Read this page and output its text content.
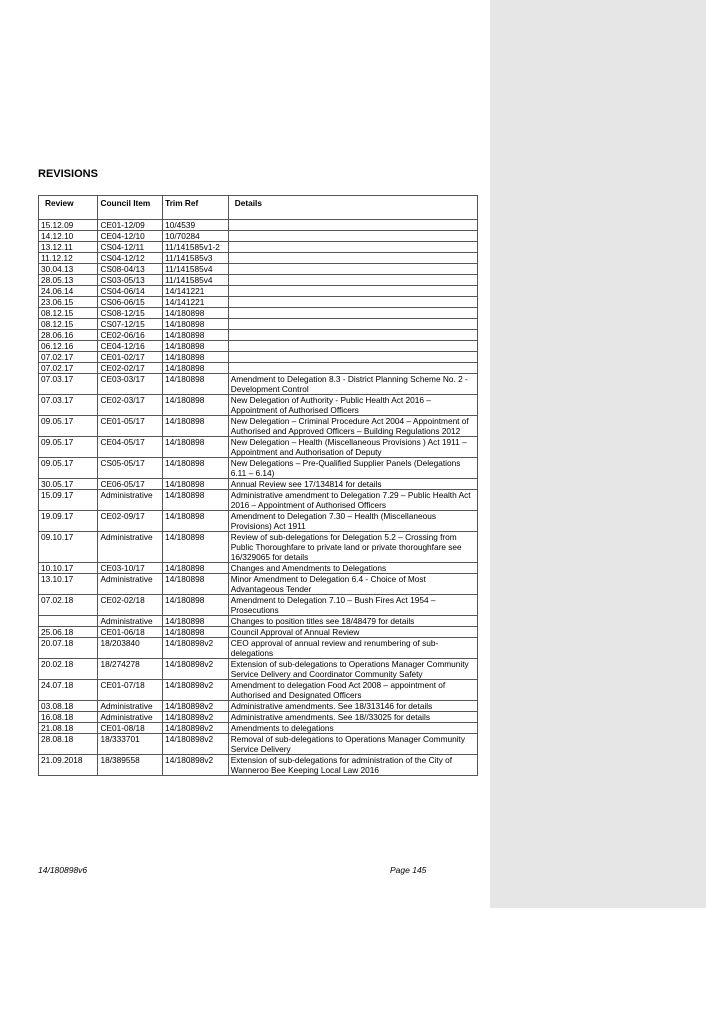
REVISIONS
Review	Council Item	Trim Ref	Details
15.12.09	CE01-12/09	10/4539	
14.12.10	CE04-12/10	10/70284	
13.12.11	CS04-12/11	11/141585v1-2	
11.12.12	CS04-12/12	11/141585v3	
30.04.13	CS08-04/13	11/141585v4	
28.05.13	CS03-05/13	11/141585v4	
24.06.14	CS04-06/14	14/141221	
23.06.15	CS06-06/15	14/141221	
08.12.15	CS08-12/15	14/180898	
08.12.15	CS07-12/15	14/180898	
28.06.16	CE02-06/16	14/180898	
06.12.16	CE04-12/16	14/180898	
07.02.17	CE01-02/17	14/180898	
07.02.17	CE02-02/17	14/180898	
07.03.17	CE03-03/17	14/180898	Amendment to Delegation 8.3 - District Planning Scheme No. 2 - Development Control
07.03.17	CE02-03/17	14/180898	New Delegation of Authority - Public Health Act 2016 – Appointment of Authorised Officers
09.05.17	CE01-05/17	14/180898	New Delegation – Criminal Procedure Act 2004 – Appointment of Authorised and Approved Officers – Building Regulations 2012
09.05.17	CE04-05/17	14/180898	New Delegation – Health (Miscellaneous Provisions ) Act 1911 – Appointment and Authorisation of Deputy
09.05.17	CS05-05/17	14/180898	New Delegations – Pre-Qualified Supplier Panels (Delegations 6.11 – 6.14)
30.05.17	CE06-05/17	14/180898	Annual Review see 17/134814 for details
15.09.17	Administrative	14/180898	Administrative amendment to Delegation 7.29 – Public Health Act 2016 – Appointment of Authorised Officers
19.09.17	CE02-09/17	14/180898	Amendment to Delegation 7.30 – Health (Miscellaneous Provisions) Act 1911
09.10.17	Administrative	14/180898	Review of sub-delegations for Delegation 5.2 – Crossing from Public Thoroughfare to private land or private thoroughfare see 16/329065 for details
10.10.17	CE03-10/17	14/180898	Changes and Amendments to Delegations
13.10.17	Administrative	14/180898	Minor Amendment to Delegation 6.4 - Choice of Most Advantageous Tender
07.02.18	CE02-02/18	14/180898	Amendment to Delegation 7.10 – Bush Fires Act 1954 – Prosecutions
	Administrative	14/180898	Changes to position titles see 18/48479 for details
25.06.18	CE01-06/18	14/180898	Council Approval of Annual Review
20.07.18	18/203840	14/180898v2	CEO approval of annual review and renumbering of sub-delegations
20.02.18	18/274278	14/180898v2	Extension of sub-delegations to Operations Manager Community Service Delivery and Coordinator Community Safety
24.07.18	CE01-07/18	14/180898v2	Amendment to delegation Food Act 2008 – appointment of Authorised and Designated Officers
03.08.18	Administrative	14/180898v2	Administrative amendments. See 18/313146 for details
16.08.18	Administrative	14/180898v2	Administrative amendments. See 18//33025 for details
21.08.18	CE01-08/18	14/180898v2	Amendments to delegations
28.08.18	18/333701	14/180898v2	Removal of sub-delegations to Operations Manager Community Service Delivery
21.09.2018	18/389558	14/180898v2	Extension of sub-delegations for administration of the City of Wanneroo Bee Keeping Local Law 2016
14/180898v6	Page 145
